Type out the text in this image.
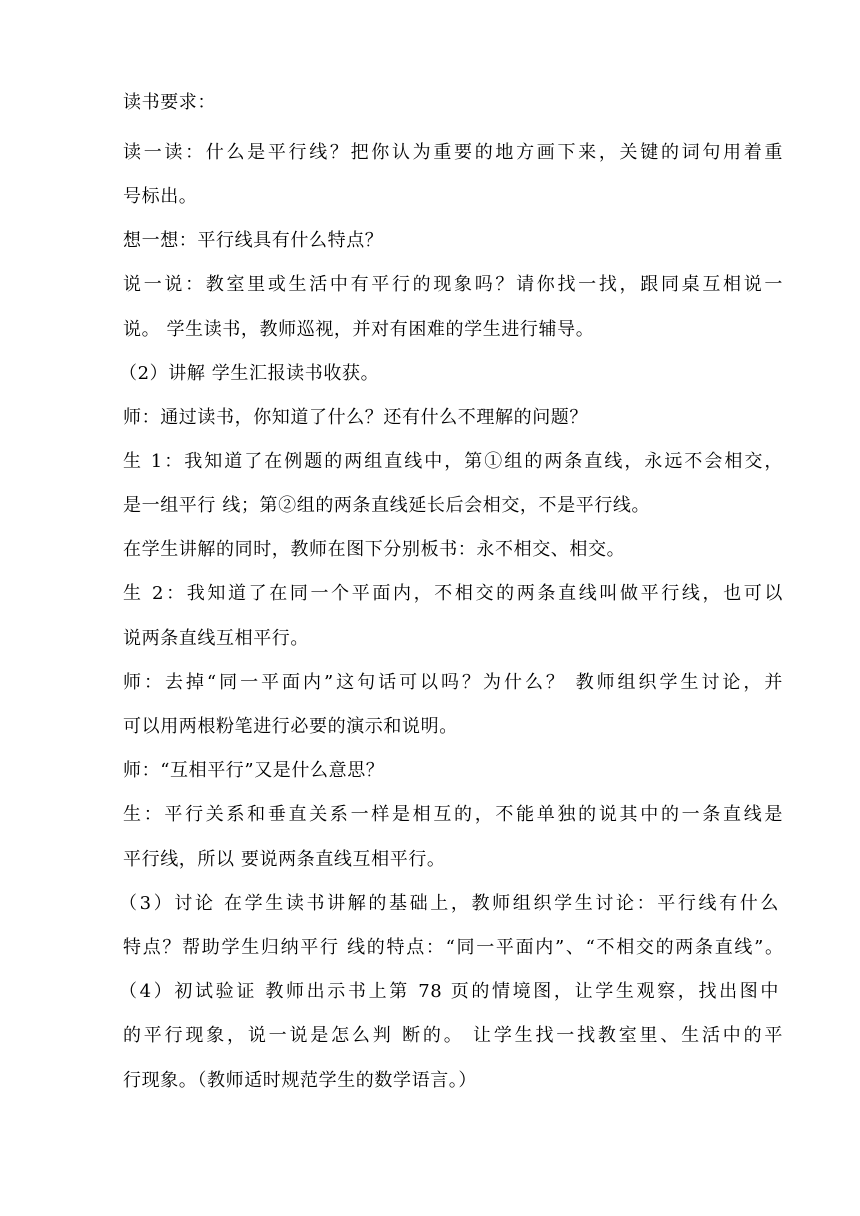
读书要求：
读一读：什么是平行线？把你认为重要的地方画下来，关键的词句用着重
号标出。
想一想：平行线具有什么特点？
说一说：教室里或生活中有平行的现象吗？请你找一找，跟同桌互相说一
说。 学生读书，教师巡视，并对有困难的学生进行辅导。
（2）讲解 学生汇报读书收获。
师：通过读书，你知道了什么？还有什么不理解的问题？
生 1：我知道了在例题的两组直线中，第①组的两条直线，永远不会相交，
是一组平行 线；第②组的两条直线延长后会相交，不是平行线。
在学生讲解的同时，教师在图下分别板书：永不相交、相交。
生 2：我知道了在同一个平面内，不相交的两条直线叫做平行线，也可以
说两条直线互相平行。
师：去掉“同一平面内”这句话可以吗？为什么？ 教师组织学生讨论，并
可以用两根粉笔进行必要的演示和说明。
师：“互相平行”又是什么意思？
生：平行关系和垂直关系一样是相互的，不能单独的说其中的一条直线是
平行线，所以 要说两条直线互相平行。
（3）讨论 在学生读书讲解的基础上，教师组织学生讨论：平行线有什么
特点？帮助学生归纳平行 线的特点：“同一平面内”、“不相交的两条直线”。
（4）初试验证 教师出示书上第 78 页的情境图，让学生观察，找出图中
的平行现象，说一说是怎么判 断的。 让学生找一找教室里、生活中的平
行现象。（教师适时规范学生的数学语言。）
